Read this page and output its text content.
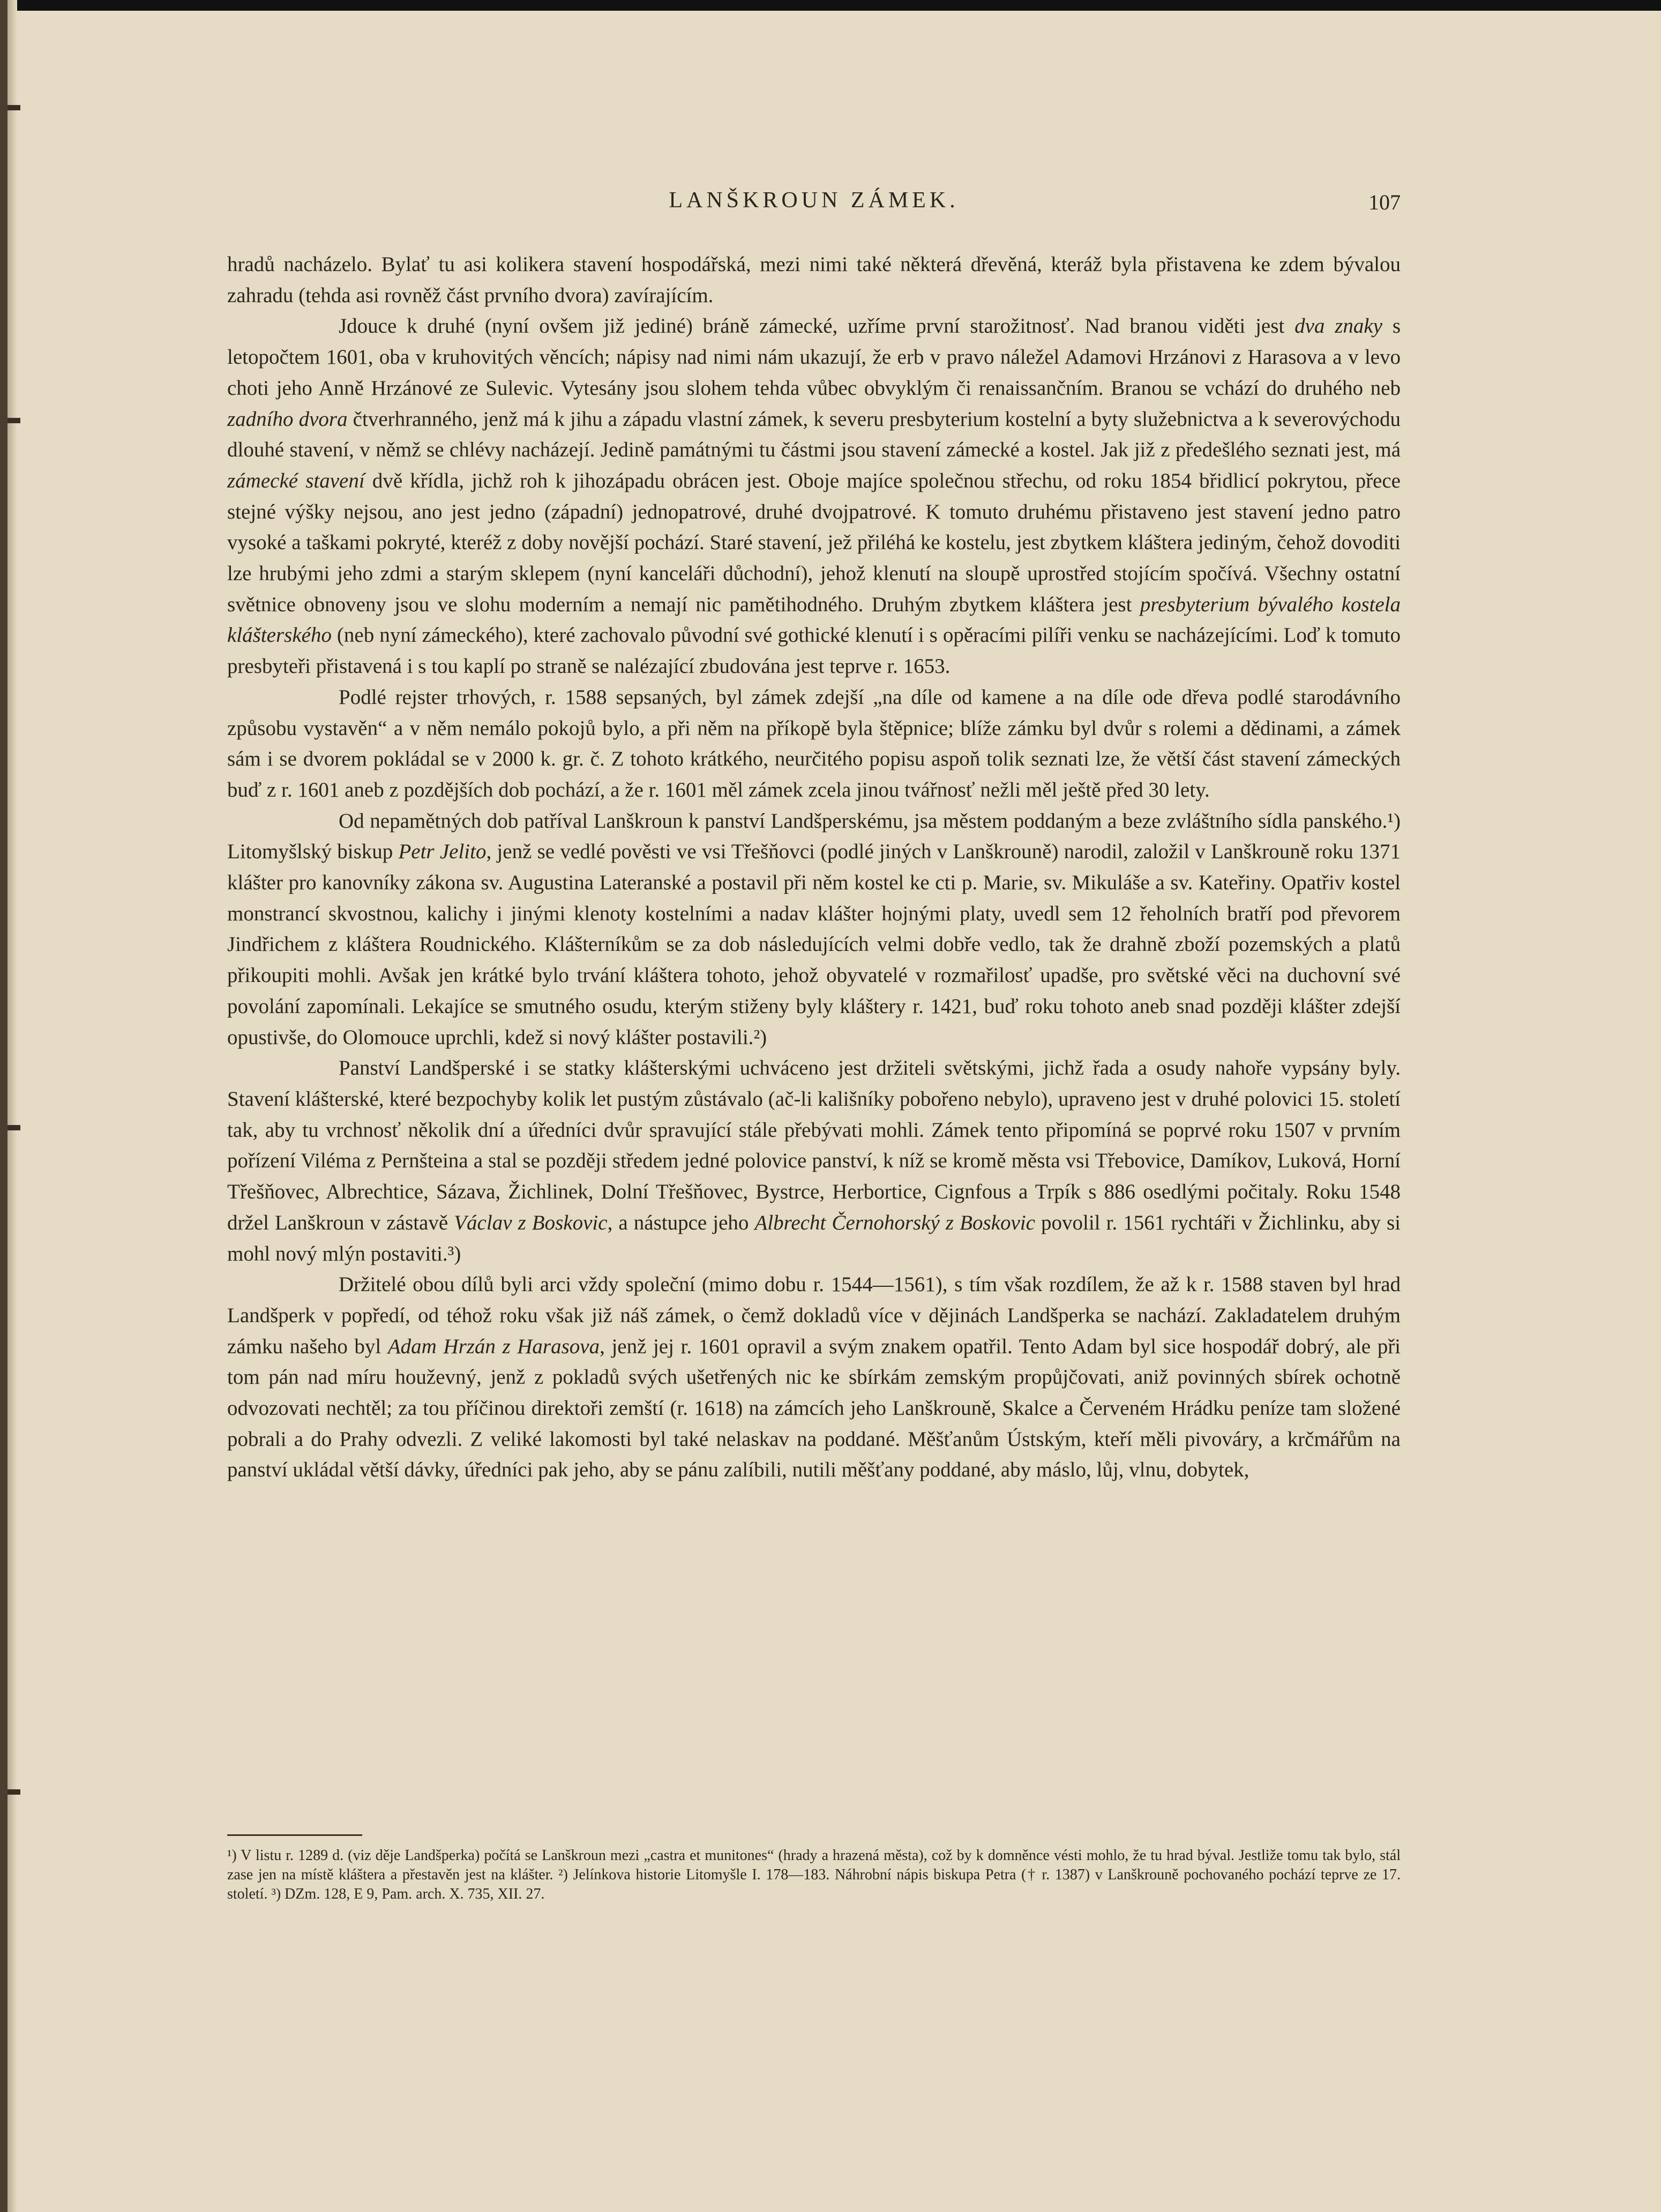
LANŠKROUN ZÁMEK.	107

hradů nacházelo. Bylať tu asi kolikera stavení hospodářská, mezi nimi také některá dřevěná, kteráž byla přistavena ke zdem bývalou zahradu (tehda asi rovněž část prvního dvora) zavírajícím.

Jdouce k druhé (nyní ovšem již jediné) bráně zámecké, uzříme první starožitnosť. Nad branou viděti jest dva znaky s letopočtem 1601, oba v kruhovitých věncích; nápisy nad nimi nám ukazují, že erb v pravo náležel Adamovi Hrzánovi z Harasova a v levo choti jeho Anně Hrzánové ze Sulevic. Vytesány jsou slohem tehda vůbec obvyklým či renaissančním. Branou se vchází do druhého neb zadního dvora čtverhranného, jenž má k jihu a západu vlastní zámek, k severu presbyterium kostelní a byty služebnictva a k severovýchodu dlouhé stavení, v němž se chlévy nacházejí. Jedině památnými tu částmi jsou stavení zámecké a kostel. Jak již z předešlého seznati jest, má zámecké stavení dvě křídla, jichž roh k jihozápadu obrácen jest. Oboje majíce společnou střechu, od roku 1854 břidlicí pokrytou, přece stejné výšky nejsou, ano jest jedno (západní) jednopatrové, druhé dvojpatrové. K tomuto druhému přistaveno jest stavení jedno patro vysoké a taškami pokryté, kteréž z doby novější pochází. Staré stavení, jež přiléhá ke kostelu, jest zbytkem kláštera jediným, čehož dovoditi lze hrubými jeho zdmi a starým sklepem (nyní kanceláři důchodní), jehož klenutí na sloupě uprostřed stojícím spočívá. Všechny ostatní světnice obnoveny jsou ve slohu moderním a nemají nic pamětihodného. Druhým zbytkem kláštera jest presbyterium bývalého kostela klášterského (neb nyní zámeckého), které zachovalo původní své gothické klenutí i s opěracími pilíři venku se nacházejícími. Loď k tomuto presbyteři přistavená i s tou kaplí po straně se nalézající zbudována jest teprve r. 1653.

Podlé rejster trhových, r. 1588 sepsaných, byl zámek zdejší „na díle od kamene a na díle ode dřeva podlé starodávního způsobu vystavěn“ a v něm nemálo pokojů bylo, a při něm na příkopě byla štěpnice; blíže zámku byl dvůr s rolemi a dědinami, a zámek sám i se dvorem pokládal se v 2000 k. gr. č. Z tohoto krátkého, neurčitého popisu aspoň tolik seznati lze, že větší část stavení zámeckých buď z r. 1601 aneb z pozdějších dob pochází, a že r. 1601 měl zámek zcela jinou tvářnosť nežli měl ještě před 30 lety.

Od nepamětných dob patříval Lanškroun k panství Landšperskému, jsa městem poddaným a beze zvláštního sídla panského.¹) Litomyšlský biskup Petr Jelito, jenž se vedlé pověsti ve vsi Třešňovci (podlé jiných v Lanškrouně) narodil, založil v Lanškrouně roku 1371 klášter pro kanovníky zákona sv. Augustina Lateranské a postavil při něm kostel ke cti p. Marie, sv. Mikuláše a sv. Kateřiny. Opatřiv kostel monstrancí skvostnou, kalichy i jinými klenoty kostelními a nadav klášter hojnými platy, uvedl sem 12 řeholních bratří pod převorem Jindřichem z kláštera Roudnického. Klášterníkům se za dob následujících velmi dobře vedlo, tak že drahně zboží pozemských a platů přikoupiti mohli. Avšak jen krátké bylo trvání kláštera tohoto, jehož obyvatelé v rozmařilosť upadše, pro světské věci na duchovní své povolání zapomínali. Lekajíce se smutného osudu, kterým stiženy byly kláštery r. 1421, buď roku tohoto aneb snad později klášter zdejší opustivše, do Olomouce uprchli, kdež si nový klášter postavili.²)

Panství Landšperské i se statky klášterskými uchváceno jest držiteli světskými, jichž řada a osudy nahoře vypsány byly. Stavení klášterské, které bezpochyby kolik let pustým zůstávalo (ač-li kališníky pobořeno nebylo), upraveno jest v druhé polovici 15. století tak, aby tu vrchnosť několik dní a úředníci dvůr spravující stále přebývati mohli. Zámek tento připomíná se poprvé roku 1507 v prvním pořízení Viléma z Pernšteina a stal se později středem jedné polovice panství, k níž se kromě města vsi Třebovice, Damíkov, Luková, Horní Třešňovec, Albrechtice, Sázava, Žichlinek, Dolní Třešňovec, Bystrce, Herbortice, Cignfous a Trpík s 886 osedlými počitaly. Roku 1548 držel Lanškroun v zástavě Václav z Boskovic, a nástupce jeho Albrecht Černohorský z Boskovic povolil r. 1561 rychtáři v Žichlinku, aby si mohl nový mlýn postaviti.³)

Držitelé obou dílů byli arci vždy společní (mimo dobu r. 1544—1561), s tím však rozdílem, že až k r. 1588 staven byl hrad Landšperk v popředí, od téhož roku však již náš zámek, o čemž dokladů více v dějinách Landšperka se nachází. Zakladatelem druhým zámku našeho byl Adam Hrzán z Harasova, jenž jej r. 1601 opravil a svým znakem opatřil. Tento Adam byl sice hospodář dobrý, ale při tom pán nad míru houževný, jenž z pokladů svých ušetřených nic ke sbírkám zemským propůjčovati, aniž povinných sbírek ochotně odvozovati nechtěl; za tou příčinou direktoři zemští (r. 1618) na zámcích jeho Lanškrouně, Skalce a Červeném Hrádku peníze tam složené pobrali a do Prahy odvezli. Z veliké lakomosti byl také nelaskav na poddané. Měšťanům Ústským, kteří měli pivováry, a krčmářům na panství ukládal větší dávky, úředníci pak jeho, aby se pánu zalíbili, nutili měšťany poddané, aby máslo, lůj, vlnu, dobytek,

¹) V listu r. 1289 d. (viz děje Landšperka) počítá se Lanškroun mezi „castra et munitones“ (hrady a hrazená města), což by k domněnce vésti mohlo, že tu hrad býval. Jestliže tomu tak bylo, stál zase jen na místě kláštera a přestavěn jest na klášter. ²) Jelínkova historie Litomyšle I. 178—183. Náhrobní nápis biskupa Petra († r. 1387) v Lanškrouně pochovaného pochází teprve ze 17. století. ³) DZm. 128, E 9, Pam. arch. X. 735, XII. 27.
